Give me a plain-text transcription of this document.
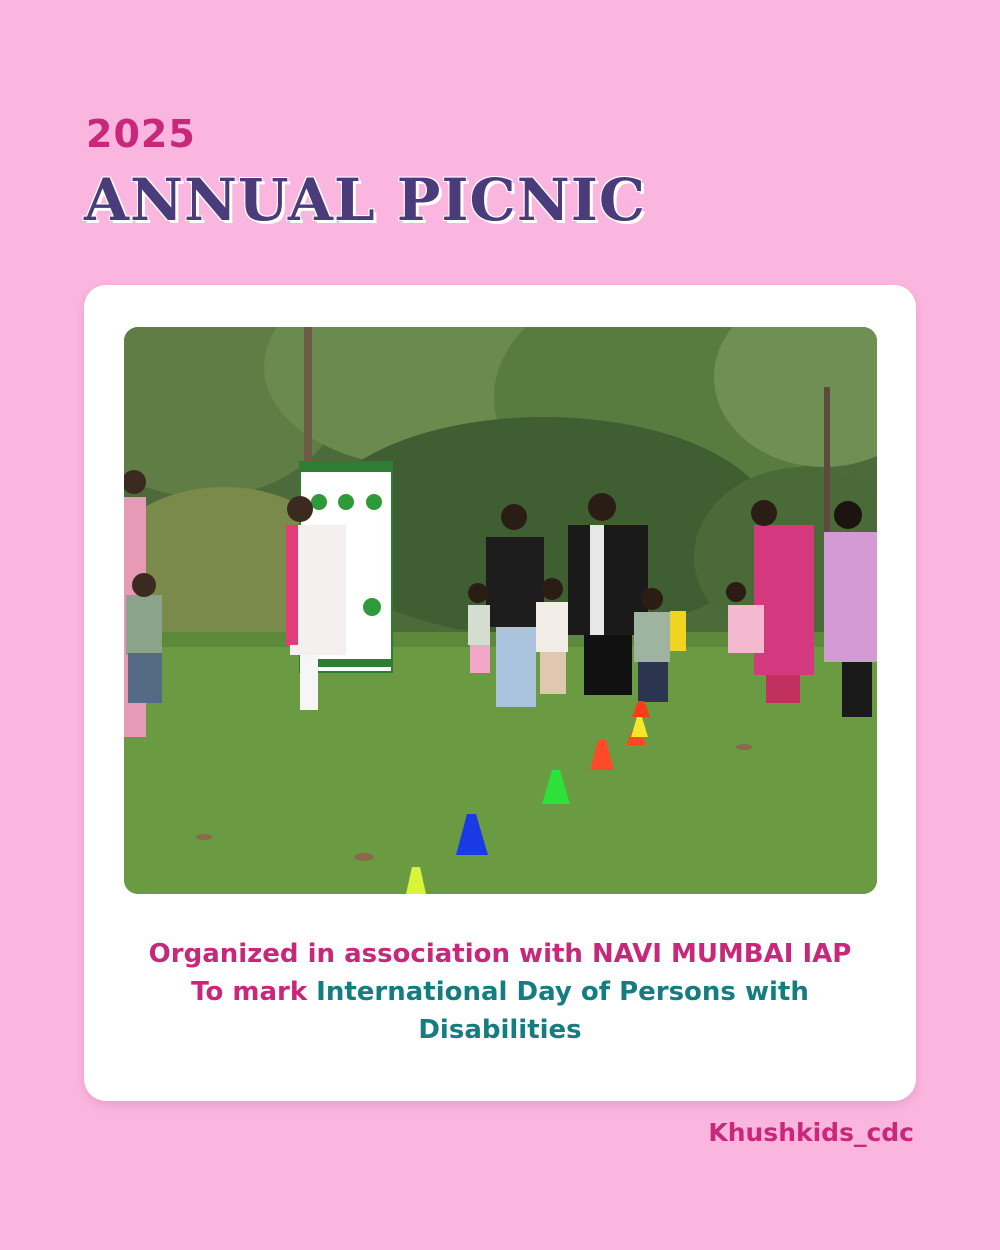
2025
ANNUAL PICNIC
Organized in association with NAVI MUMBAI IAP
To mark International Day of Persons with
Disabilities
Khushkids_cdc
